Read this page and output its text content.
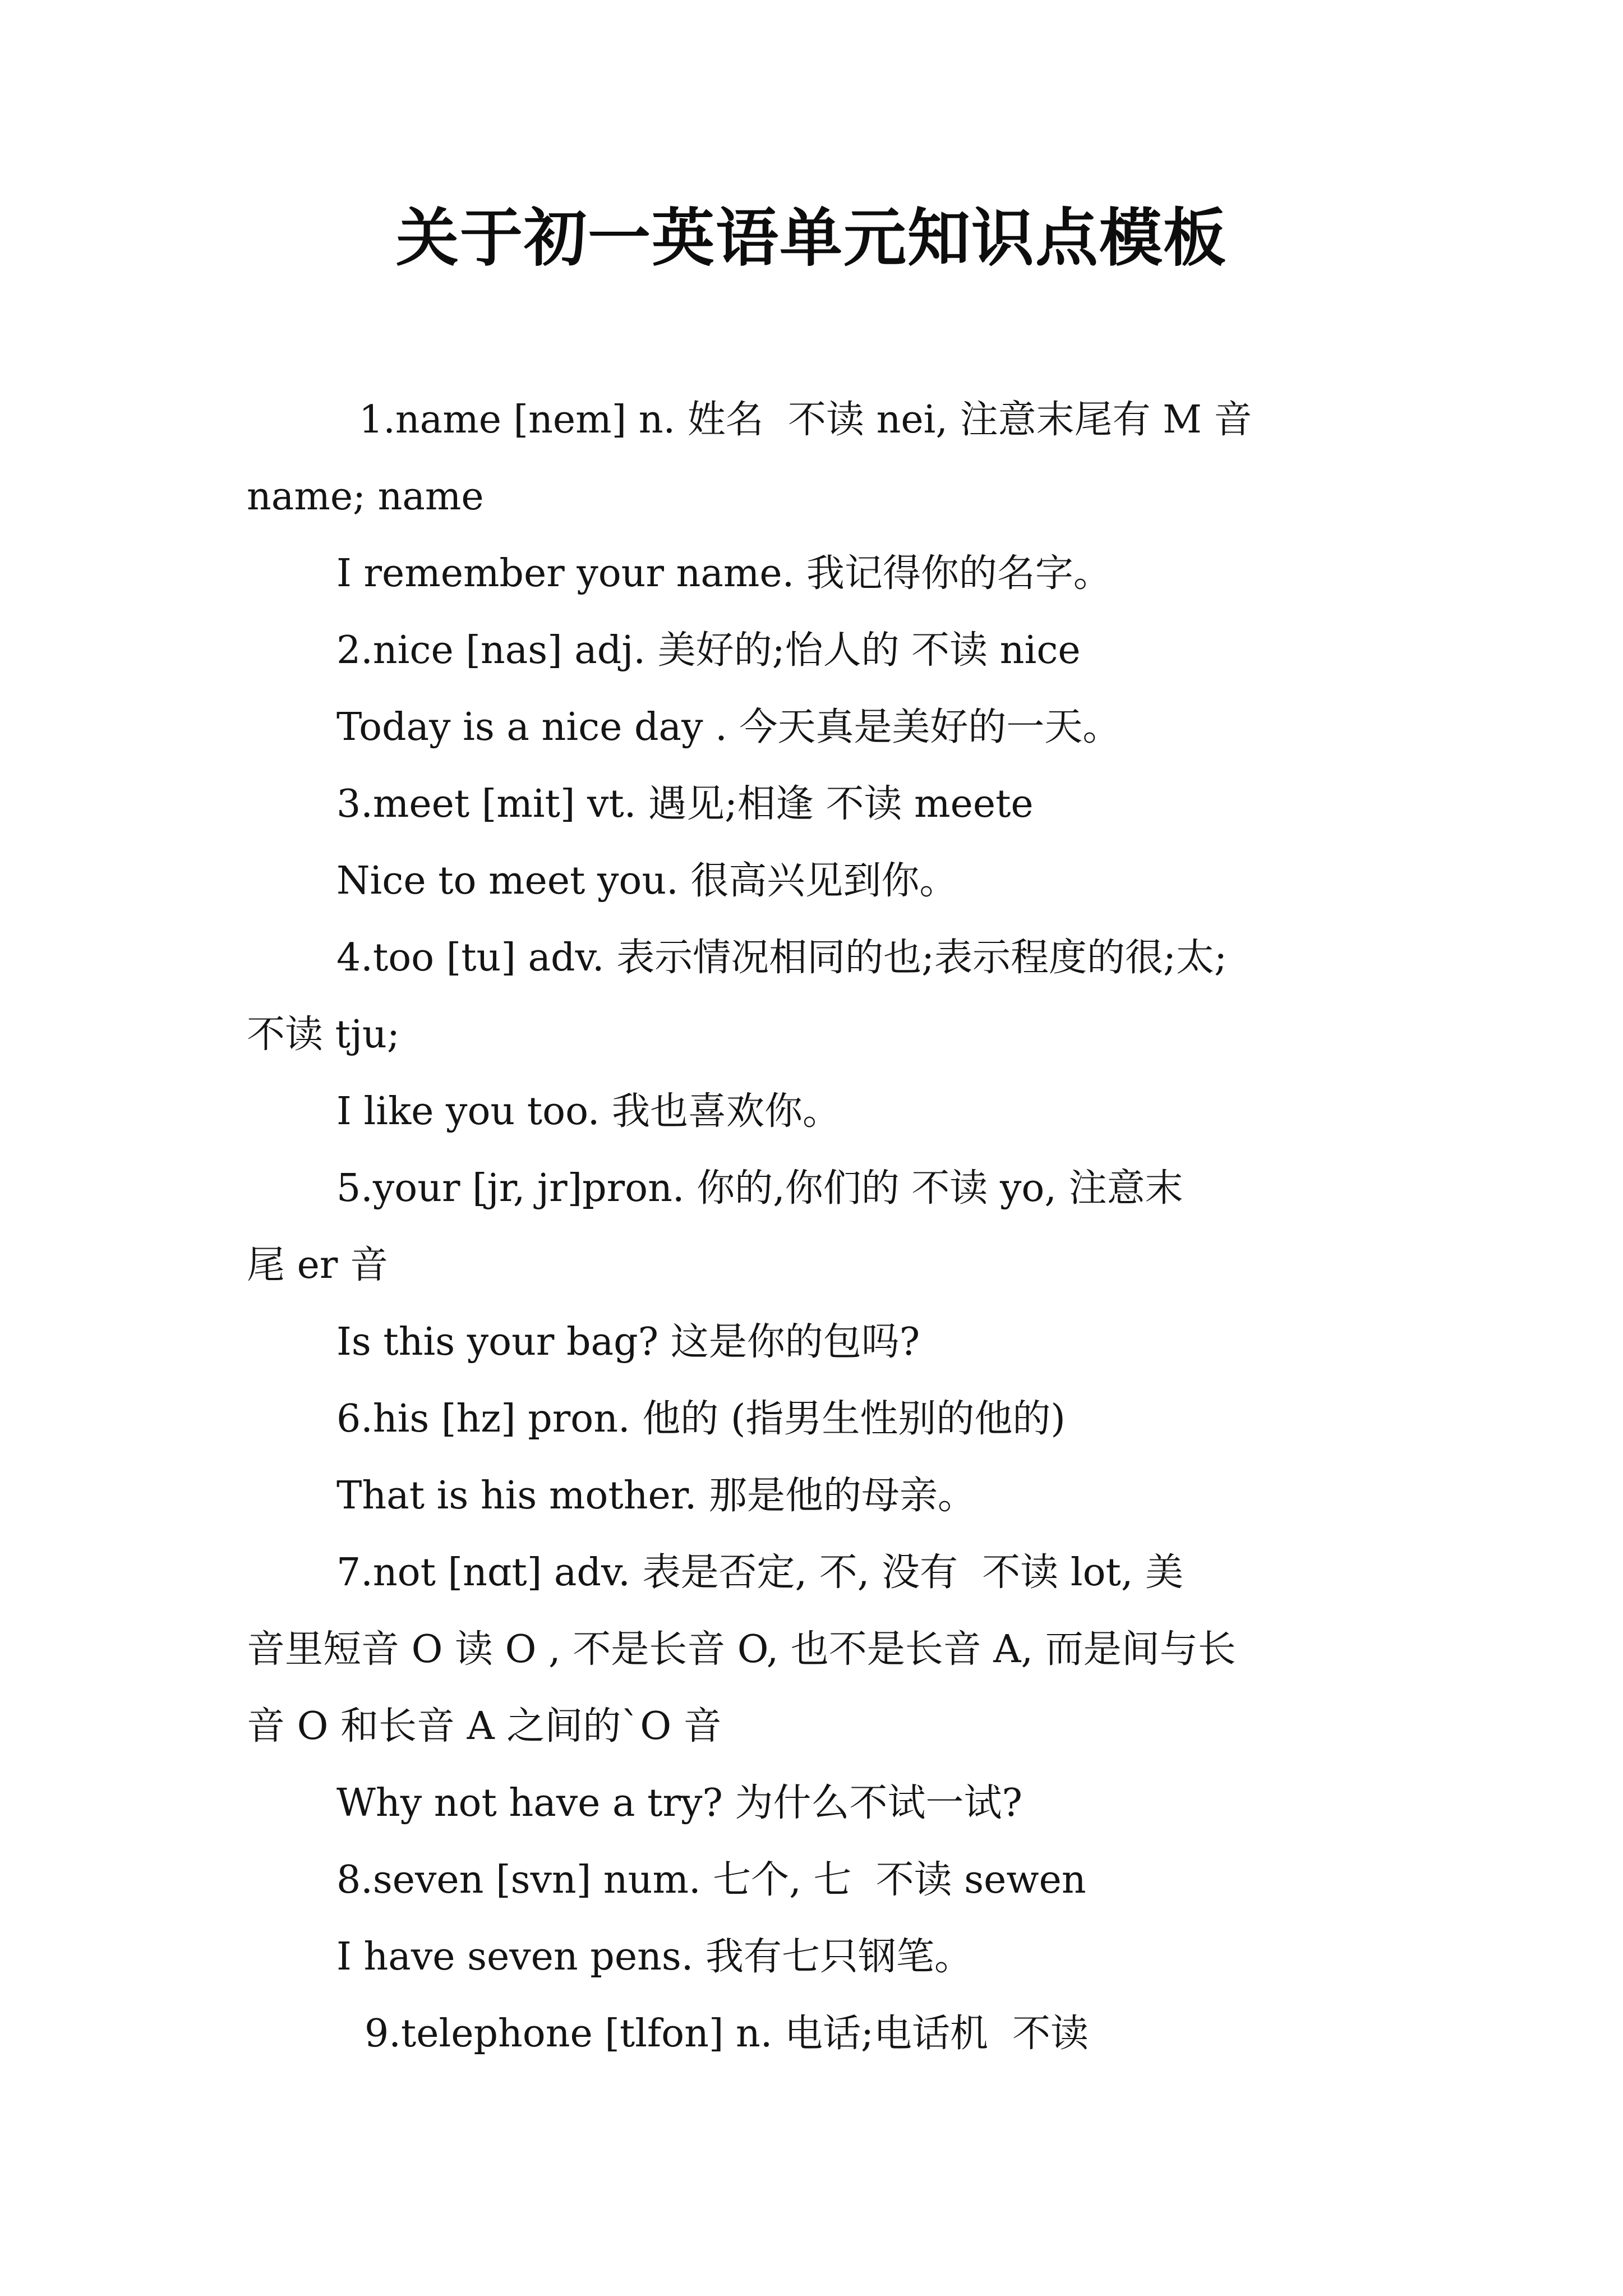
关于初一英语单元知识点模板
1.name [nem] n. 姓名  不读 nei, 注意末尾有 M 音
name; name
I remember your name. 我记得你的名字。
2.nice [nas] adj. 美好的;怡人的 不读 nice
Today is a nice day . 今天真是美好的一天。
3.meet [mit] vt. 遇见;相逢 不读 meete
Nice to meet you. 很高兴见到你。
4.too [tu] adv. 表示情况相同的也;表示程度的很;太;
不读 tju;
I like you too. 我也喜欢你。
5.your [jr, jr]pron. 你的,你们的 不读 yo, 注意末
尾 er 音
Is this your bag? 这是你的包吗?
6.his [hz] pron. 他的 (指男生性别的他的)
That is his mother. 那是他的母亲。
7.not [nɑt] adv. 表是否定, 不, 没有  不读 lot, 美
音里短音 O 读 O , 不是长音 O, 也不是长音 A, 而是间与长
音 O 和长音 A 之间的`O 音
Why not have a try? 为什么不试一试?
8.seven [svn] num. 七个, 七  不读 sewen
I have seven pens. 我有七只钢笔。
9.telephone [tlfon] n. 电话;电话机  不读
